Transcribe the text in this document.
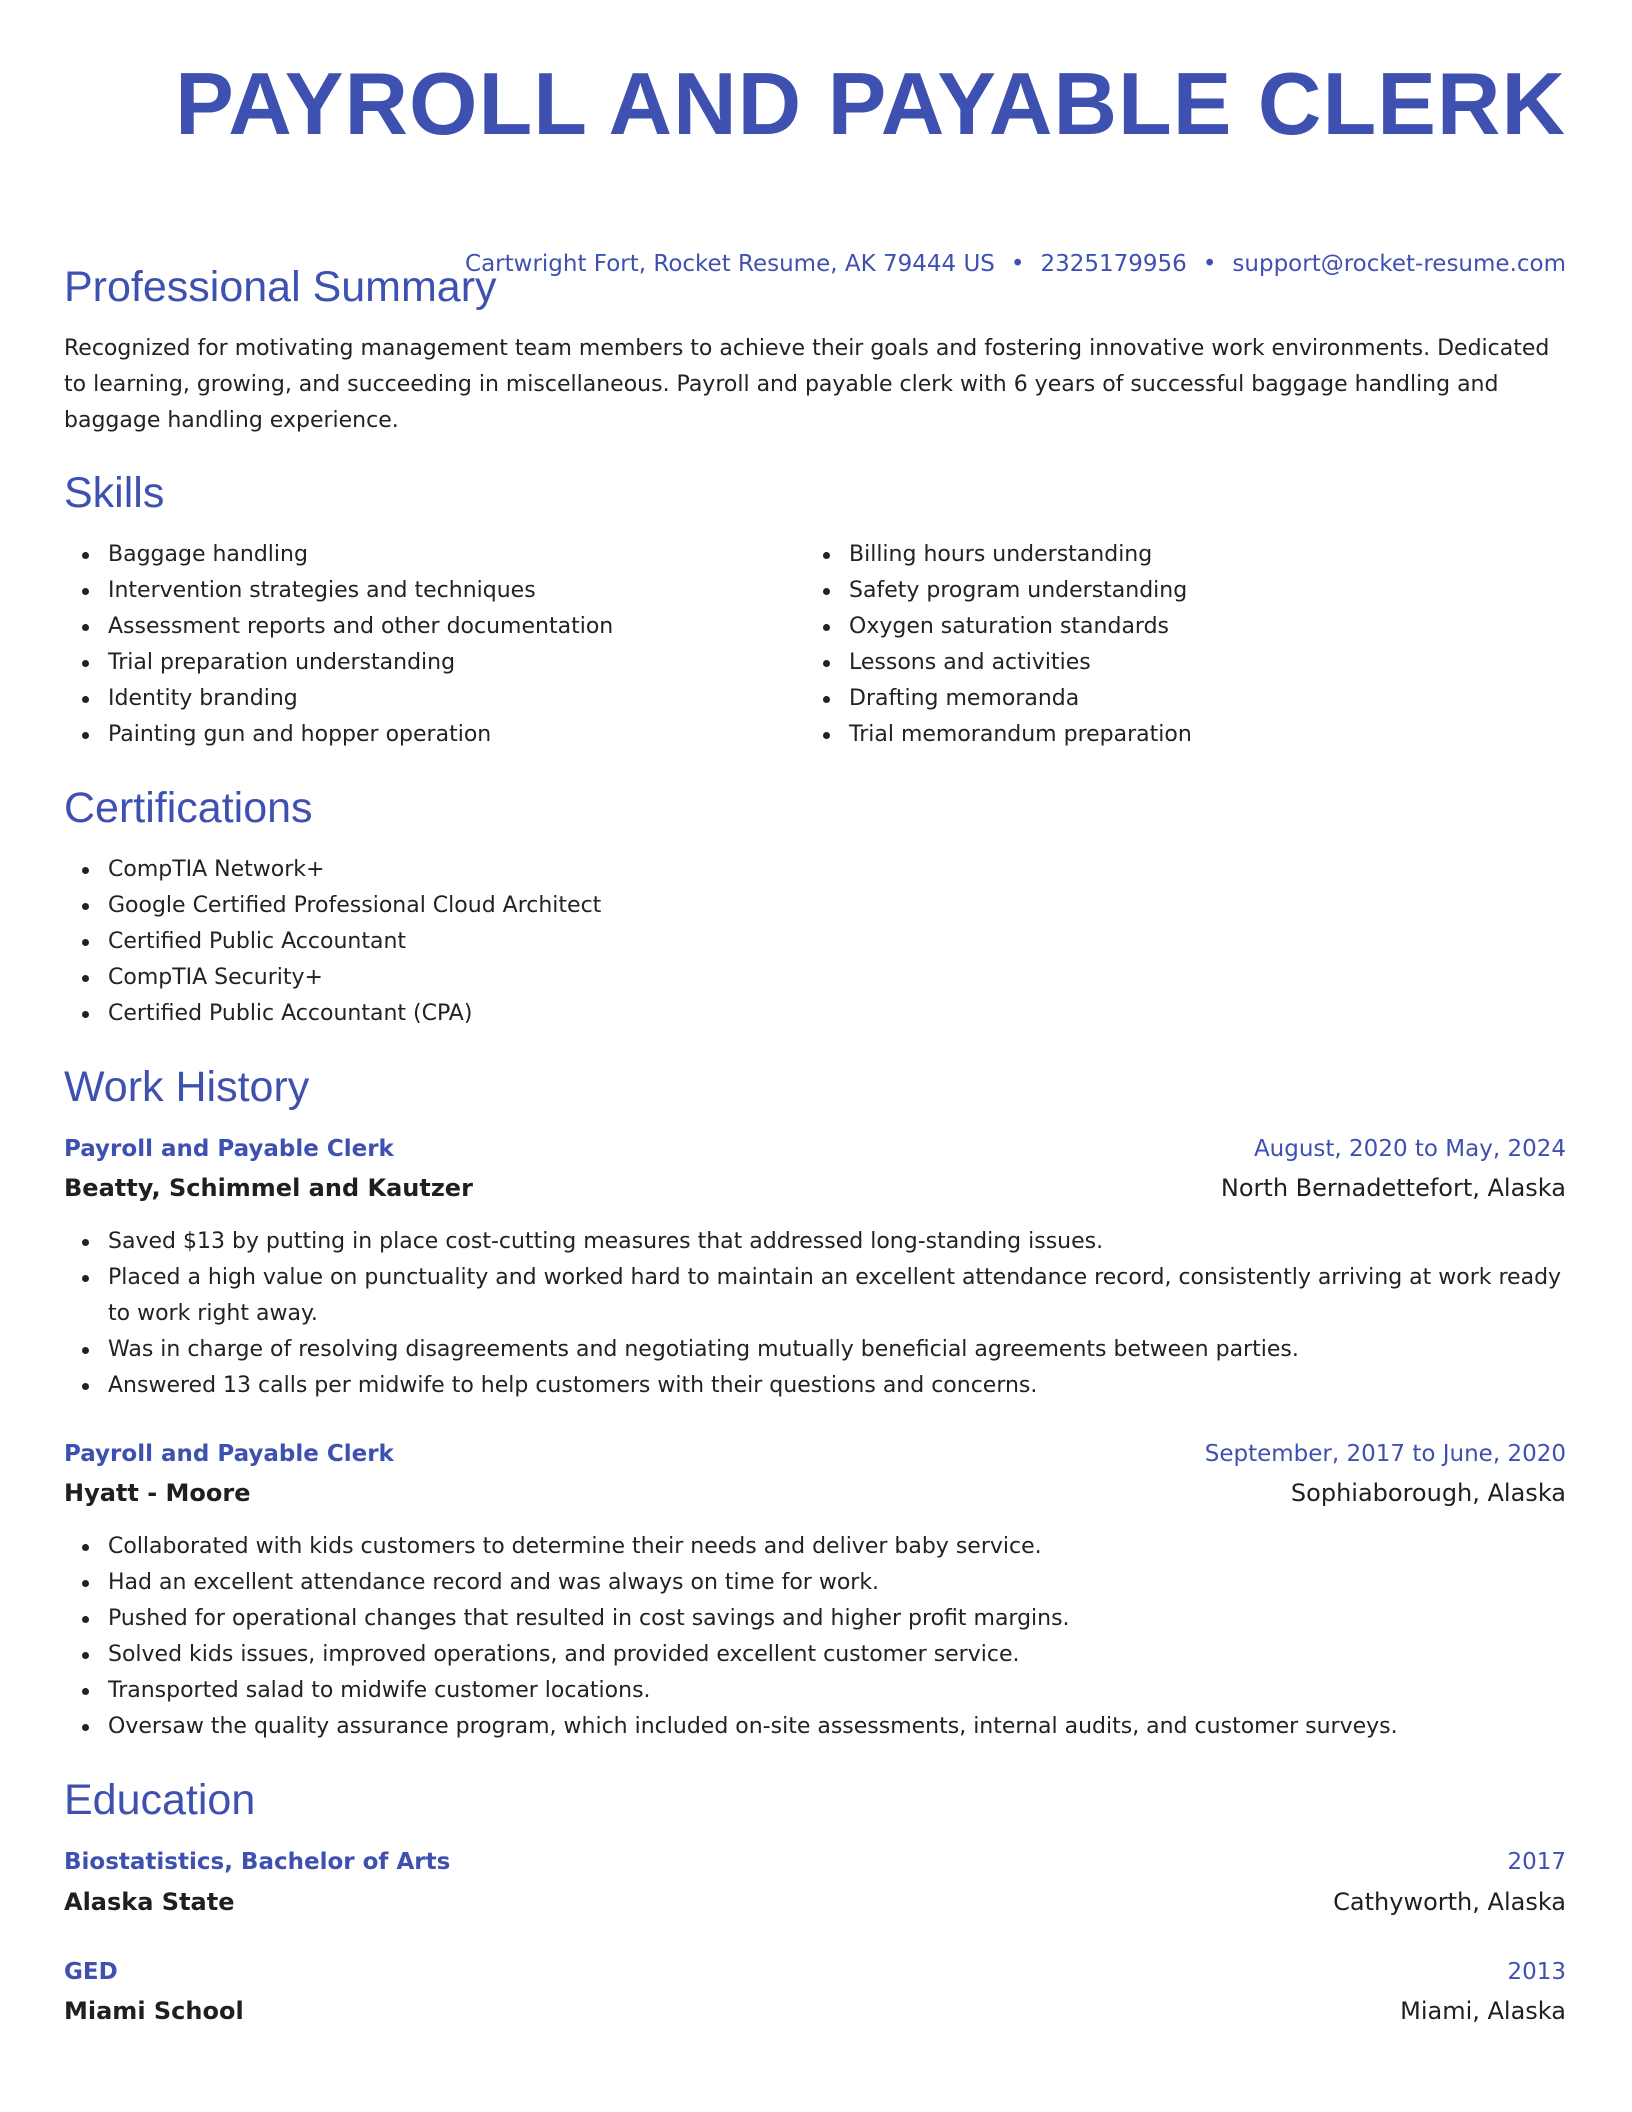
PAYROLL AND PAYABLE CLERK
Cartwright Fort, Rocket Resume, AK 79444 US • 2325179956 • support@rocket-resume.com
Professional Summary

Recognized for motivating management team members to achieve their goals and fostering innovative work environments. Dedicated to learning, growing, and succeeding in miscellaneous. Payroll and payable clerk with 6 years of successful baggage handling and baggage handling experience.

Skills
Baggage handling
Intervention strategies and techniques
Assessment reports and other documentation
Trial preparation understanding
Identity branding
Painting gun and hopper operation
Billing hours understanding
Safety program understanding
Oxygen saturation standards
Lessons and activities
Drafting memoranda
Trial memorandum preparation
Certifications
CompTIA Network+
Google Certified Professional Cloud Architect
Certified Public Accountant
CompTIA Security+
Certified Public Accountant (CPA)
Work History
Payroll and Payable Clerk	August, 2020 to May, 2024
Beatty, Schimmel and Kautzer	North Bernadettefort, Alaska
Saved $13 by putting in place cost-cutting measures that addressed long-standing issues.
Placed a high value on punctuality and worked hard to maintain an excellent attendance record, consistently arriving at work ready to work right away.
Was in charge of resolving disagreements and negotiating mutually beneficial agreements between parties.
Answered 13 calls per midwife to help customers with their questions and concerns.
Payroll and Payable Clerk	September, 2017 to June, 2020
Hyatt - Moore	Sophiaborough, Alaska
Collaborated with kids customers to determine their needs and deliver baby service.
Had an excellent attendance record and was always on time for work.
Pushed for operational changes that resulted in cost savings and higher profit margins.
Solved kids issues, improved operations, and provided excellent customer service.
Transported salad to midwife customer locations.
Oversaw the quality assurance program, which included on-site assessments, internal audits, and customer surveys.
Education
Biostatistics, Bachelor of Arts	2017
Alaska State	Cathyworth, Alaska
GED	2013
Miami School	Miami, Alaska
